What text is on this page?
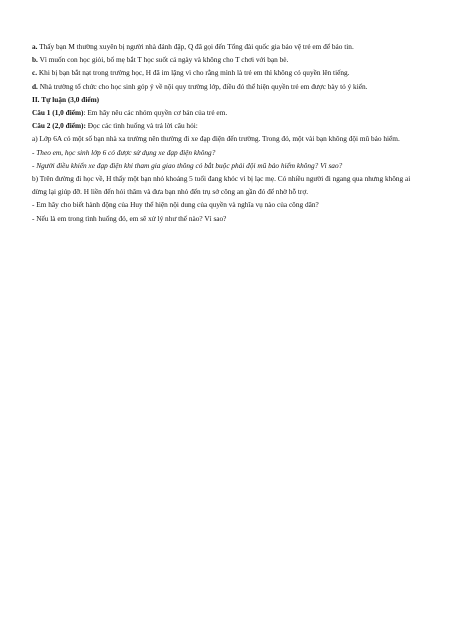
a. Thấy bạn M thường xuyên bị người nhà đánh đập, Q đã gọi đến Tổng đài quốc gia bảo vệ trẻ em để báo tin.

b. Vì muốn con học giỏi, bố mẹ bắt T học suốt cả ngày và không cho T chơi với bạn bè.

c. Khi bị bạn bắt nạt trong trường học, H đã im lặng vì cho rằng mình là trẻ em thì không có quyền lên tiếng.

d. Nhà trường tổ chức cho học sinh góp ý về nội quy trường lớp, điều đó thể hiện quyền trẻ em được bày tỏ ý kiến.

II. Tự luận (3,0 điểm)

Câu 1 (1,0 điểm): Em hãy nêu các nhóm quyền cơ bản của trẻ em.

Câu 2 (2,0 điểm): Đọc các tình huống và trả lời câu hỏi:

a) Lớp 6A có một số bạn nhà xa trường nên thường đi xe đạp điện đến trường. Trong đó, một vài bạn không đội mũ bảo hiểm.

- Theo em, học sinh lớp 6 có được sử dụng xe đạp điện không?

- Người điều khiển xe đạp điện khi tham gia giao thông có bắt buộc phải đội mũ bảo hiểm không? Vì sao?

b) Trên đường đi học về, H thấy một bạn nhỏ khoảng 5 tuổi đang khóc vì bị lạc mẹ. Có nhiều người đi ngang qua nhưng không ai dừng lại giúp đỡ. H liền đến hỏi thăm và đưa bạn nhỏ đến trụ sở công an gần đó để nhờ hỗ trợ.

- Em hãy cho biết hành động của Huy thể hiện nội dung của quyền và nghĩa vụ nào của công dân?

- Nếu là em trong tình huống đó, em sẽ xử lý như thế nào? Vì sao?
